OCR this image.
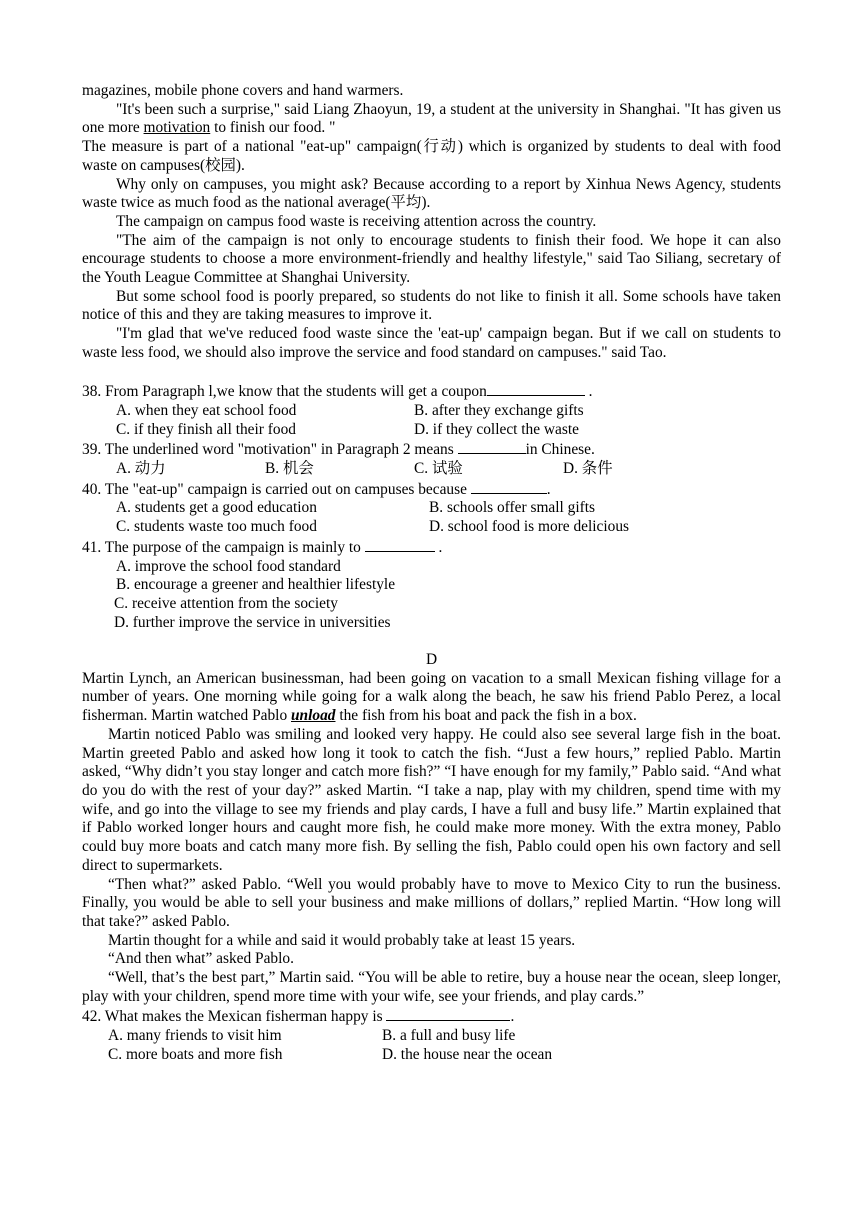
magazines, mobile phone covers and hand warmers.

"It's been such a surprise," said Liang Zhaoyun, 19, a student at the university in Shanghai. "It has given us one more motivation to finish our food. "

The measure is part of a national "eat-up" campaign(行动) which is organized by students to deal with food waste on campuses(校园).

Why only on campuses, you might ask? Because according to a report by Xinhua News Agency, students waste twice as much food as the national average(平均).

The campaign on campus food waste is receiving attention across the country.

"The aim of the campaign is not only to encourage students to finish their food. We hope it can also encourage students to choose a more environment-friendly and healthy lifestyle," said Tao Siliang, secretary of the Youth League Committee at Shanghai University.

But some school food is poorly prepared, so students do not like to finish it all. Some schools have taken notice of this and they are taking measures to improve it.

"I'm glad that we've reduced food waste since the 'eat-up' campaign began. But if we call on students to waste less food, we should also improve the service and food standard on campuses." said Tao.

38. From Paragraph l,we know that the students will get a coupon	.

A. when they eat school food	B. after they exchange gifts
C. if they finish all their food	D. if they collect the waste

39. The underlined word "motivation" in Paragraph 2 means	in Chinese.

A. 动力	B. 机会	C. 试验	D. 条件

40. The "eat-up" campaign is carried out on campuses because	.

A. students get a good education	B. schools offer small gifts
C. students waste too much food	D. school food is more delicious

41. The purpose of the campaign is mainly to	.

A. improve the school food standard
B. encourage a greener and healthier lifestyle
C. receive attention from the society
D. further improve the service in universities

D

Martin Lynch, an American businessman, had been going on vacation to a small Mexican fishing village for a number of years. One morning while going for a walk along the beach, he saw his friend Pablo Perez, a local fisherman. Martin watched Pablo unload the fish from his boat and pack the fish in a box.

Martin noticed Pablo was smiling and looked very happy. He could also see several large fish in the boat. Martin greeted Pablo and asked how long it took to catch the fish. “Just a few hours,” replied Pablo. Martin asked, “Why didn’t you stay longer and catch more fish?” “I have enough for my family,” Pablo said. “And what do you do with the rest of your day?” asked Martin. “I take a nap, play with my children, spend time with my wife, and go into the village to see my friends and play cards, I have a full and busy life.” Martin explained that if Pablo worked longer hours and caught more fish, he could make more money. With the extra money, Pablo could buy more boats and catch many more fish. By selling the fish, Pablo could open his own factory and sell direct to supermarkets.

“Then what?” asked Pablo. “Well you would probably have to move to Mexico City to run the business. Finally, you would be able to sell your business and make millions of dollars,” replied Martin. “How long will that take?” asked Pablo.

Martin thought for a while and said it would probably take at least 15 years.

“And then what” asked Pablo.

“Well, that’s the best part,” Martin said. “You will be able to retire, buy a house near the ocean, sleep longer, play with your children, spend more time with your wife, see your friends, and play cards.”

42. What makes the Mexican fisherman happy is	.

A. many friends to visit him	B. a full and busy life
C. more boats and more fish	D. the house near the ocean
